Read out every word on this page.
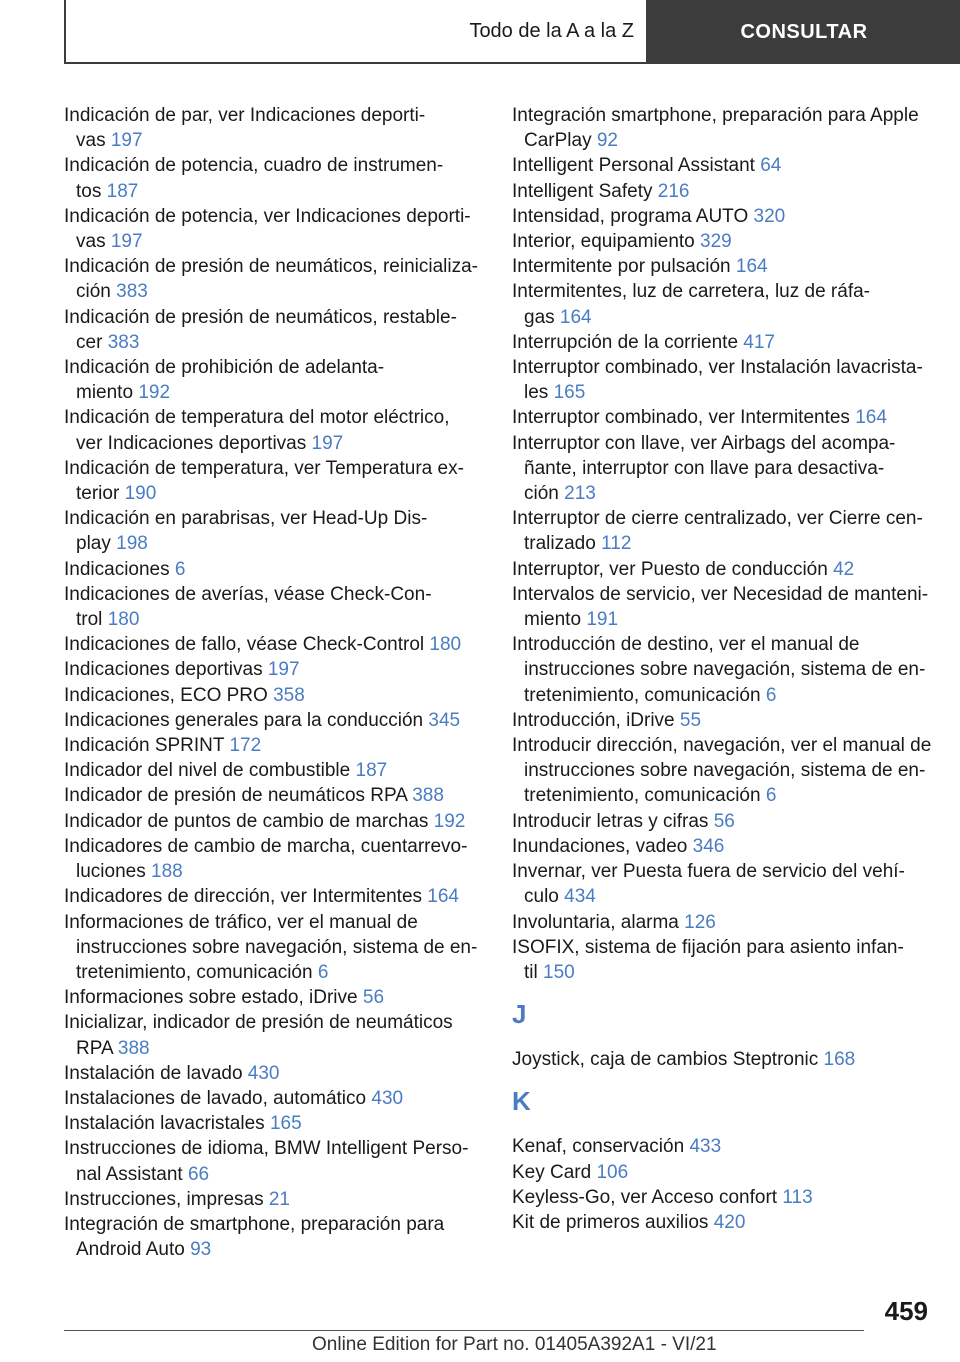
Todo de la A a la Z	CONSULTAR
Indicación de par, ver Indicaciones deporti-
vas 197
Indicación de potencia, cuadro de instrumen-
tos 187
Indicación de potencia, ver Indicaciones deporti-
vas 197
Indicación de presión de neumáticos, reinicializa-
ción 383
Indicación de presión de neumáticos, restable-
cer 383
Indicación de prohibición de adelanta-
miento 192
Indicación de temperatura del motor eléctrico,
ver Indicaciones deportivas 197
Indicación de temperatura, ver Temperatura ex-
terior 190
Indicación en parabrisas, ver Head-Up Dis-
play 198
Indicaciones 6
Indicaciones de averías, véase Check-Con-
trol 180
Indicaciones de fallo, véase Check-Control 180
Indicaciones deportivas 197
Indicaciones, ECO PRO 358
Indicaciones generales para la conducción 345
Indicación SPRINT 172
Indicador del nivel de combustible 187
Indicador de presión de neumáticos RPA 388
Indicador de puntos de cambio de marchas 192
Indicadores de cambio de marcha, cuentarrevo-
luciones 188
Indicadores de dirección, ver Intermitentes 164
Informaciones de tráfico, ver el manual de
instrucciones sobre navegación, sistema de en-
tretenimiento, comunicación 6
Informaciones sobre estado, iDrive 56
Inicializar, indicador de presión de neumáticos
RPA 388
Instalación de lavado 430
Instalaciones de lavado, automático 430
Instalación lavacristales 165
Instrucciones de idioma, BMW Intelligent Perso-
nal Assistant 66
Instrucciones, impresas 21
Integración de smartphone, preparación para
Android Auto 93
Integración smartphone, preparación para Apple
CarPlay 92
Intelligent Personal Assistant 64
Intelligent Safety 216
Intensidad, programa AUTO 320
Interior, equipamiento 329
Intermitente por pulsación 164
Intermitentes, luz de carretera, luz de ráfa-
gas 164
Interrupción de la corriente 417
Interruptor combinado, ver Instalación lavacrista-
les 165
Interruptor combinado, ver Intermitentes 164
Interruptor con llave, ver Airbags del acompa-
ñante, interruptor con llave para desactiva-
ción 213
Interruptor de cierre centralizado, ver Cierre cen-
tralizado 112
Interruptor, ver Puesto de conducción 42
Intervalos de servicio, ver Necesidad de manteni-
miento 191
Introducción de destino, ver el manual de
instrucciones sobre navegación, sistema de en-
tretenimiento, comunicación 6
Introducción, iDrive 55
Introducir dirección, navegación, ver el manual de
instrucciones sobre navegación, sistema de en-
tretenimiento, comunicación 6
Introducir letras y cifras 56
Inundaciones, vadeo 346
Invernar, ver Puesta fuera de servicio del vehí-
culo 434
Involuntaria, alarma 126
ISOFIX, sistema de fijación para asiento infan-
til 150
J
Joystick, caja de cambios Steptronic 168
K
Kenaf, conservación 433
Key Card 106
Keyless-Go, ver Acceso confort 113
Kit de primeros auxilios 420
459
Online Edition for Part no. 01405A392A1 - VI/21
